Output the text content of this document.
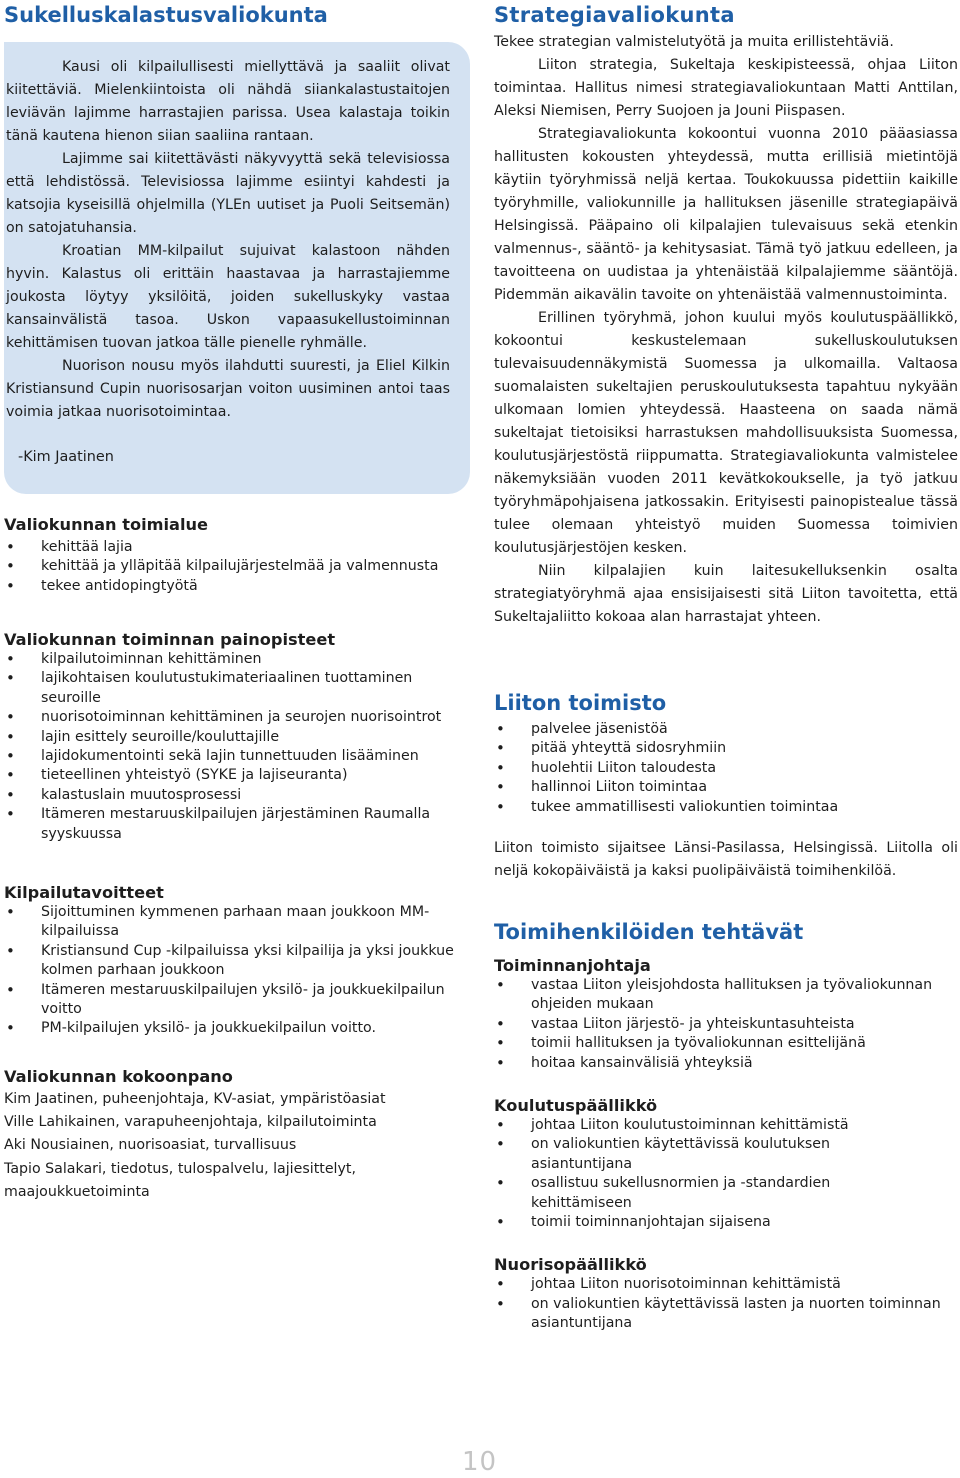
Sukelluskalastusvaliokunta

Kausi oli kilpailullisesti miellyttävä ja saaliit olivat kiitettäviä. Mielenkiintoista oli nähdä siiankalastustaitojen leviävän lajimme harrastajien parissa. Usea kalastaja toikin tänä kautena hienon siian saaliina rantaan.

Lajimme sai kiitettävästi näkyvyyttä sekä televisiossa että lehdistössä. Televisiossa lajimme esiintyi kahdesti ja katsojia kyseisillä ohjelmilla (YLEn uutiset ja Puoli Seitsemän) on satojatuhansia.

Kroatian MM-kilpailut sujuivat kalastoon nähden hyvin. Kalastus oli erittäin haastavaa ja harrastajiemme joukosta löytyy yksilöitä, joiden sukelluskyky vastaa kansainvälistä tasoa. Uskon vapaasukellustoiminnan kehittämisen tuovan jatkoa tälle pienelle ryhmälle.

Nuorison nousu myös ilahdutti suuresti, ja Eliel Kilkin Kristiansund Cupin nuorisosarjan voiton uusiminen antoi taas voimia jatkaa nuorisotoimintaa.

-Kim Jaatinen
Valiokunnan toimialue
• kehittää lajia
• kehittää ja ylläpitää kilpailujärjestelmää ja valmennusta
• tekee antidopingtyötä
Valiokunnan toiminnan painopisteet
• kilpailutoiminnan kehittäminen
• lajikohtaisen koulutustukimateriaalinen tuottaminen seuroille
• nuorisotoiminnan kehittäminen ja seurojen nuorisointrot
• lajin esittely seuroille/kouluttajille
• lajidokumentointi sekä lajin tunnettuuden lisääminen
• tieteellinen yhteistyö (SYKE ja lajiseuranta)
• kalastuslain muutosprosessi
• Itämeren mestaruuskilpailujen järjestäminen Raumalla syyskuussa
Kilpailutavoitteet
• Sijoittuminen kymmenen parhaan maan joukkoon MM-kilpailuissa
• Kristiansund Cup -kilpailuissa yksi kilpailija ja yksi joukkue kolmen parhaan joukkoon
• Itämeren mestaruuskilpailujen yksilö- ja joukkuekilpailun voitto
• PM-kilpailujen yksilö- ja joukkuekilpailun voitto.
Valiokunnan kokoonpano

Kim Jaatinen, puheenjohtaja, KV-asiat, ympäristöasiat

Ville Lahikainen, varapuheenjohtaja, kilpailutoiminta

Aki Nousiainen, nuorisoasiat, turvallisuus

Tapio Salakari, tiedotus, tulospalvelu, lajiesittelyt, maajoukkuetoiminta

Strategiavaliokunta

Tekee strategian valmistelutyötä ja muita erillistehtäviä.

Liiton strategia, Sukeltaja keskipisteessä, ohjaa Liiton toimintaa. Hallitus nimesi strategiavaliokuntaan Matti Anttilan, Aleksi Niemisen, Perry Suojoen ja Jouni Piispasen.

Strategiavaliokunta kokoontui vuonna 2010 pääasiassa hallitusten kokousten yhteydessä, mutta erillisiä mietintöjä käytiin työryhmissä neljä kertaa. Toukokuussa pidettiin kaikille työryhmille, valiokunnille ja hallituksen jäsenille strategiapäivä Helsingissä. Pääpaino oli kilpalajien tulevaisuus sekä etenkin valmennus-, sääntö- ja kehitysasiat. Tämä työ jatkuu edelleen, ja tavoitteena on uudistaa ja yhtenäistää kilpalajiemme sääntöjä. Pidemmän aikavälin tavoite on yhtenäistää valmennustoiminta.

Erillinen työryhmä, johon kuului myös koulutuspäällikkö, kokoontui keskustelemaan sukelluskoulutuksen tulevaisuudennäkymistä Suomessa ja ulkomailla. Valtaosa suomalaisten sukeltajien peruskoulutuksesta tapahtuu nykyään ulkomaan lomien yhteydessä. Haasteena on saada nämä sukeltajat tietoisiksi harrastuksen mahdollisuuksista Suomessa, koulutusjärjestöstä riippumatta. Strategiavaliokunta valmistelee näkemyksiään vuoden 2011 kevätkokoukselle, ja työ jatkuu työryhmäpohjaisena jatkossakin. Erityisesti painopistealue tässä tulee olemaan yhteistyö muiden Suomessa toimivien koulutusjärjestöjen kesken.

Niin kilpalajien kuin laitesukelluksenkin osalta strategiatyöryhmä ajaa ensisijaisesti sitä Liiton tavoitetta, että Sukeltajaliitto kokoaa alan harrastajat yhteen.

Liiton toimisto
• palvelee jäsenistöä
• pitää yhteyttä sidosryhmiin
• huolehtii Liiton taloudesta
• hallinnoi Liiton toimintaa
• tukee ammatillisesti valiokuntien toimintaa

Liiton toimisto sijaitsee Länsi-Pasilassa, Helsingissä. Liitolla oli neljä kokopäiväistä ja kaksi puolipäiväistä toimihenkilöä.

Toimihenkilöiden tehtävät
Toiminnanjohtaja
• vastaa Liiton yleisjohdosta hallituksen ja työvaliokunnan ohjeiden mukaan
• vastaa Liiton järjestö- ja yhteiskuntasuhteista
• toimii hallituksen ja työvaliokunnan esittelijänä
• hoitaa kansainvälisiä yhteyksiä
Koulutuspäällikkö
• johtaa Liiton koulutustoiminnan kehittämistä
• on valiokuntien käytettävissä koulutuksen asiantuntijana
• osallistuu sukellusnormien ja -standardien kehittämiseen
• toimii toiminnanjohtajan sijaisena
Nuorisopäällikkö
• johtaa Liiton nuorisotoiminnan kehittämistä
• on valiokuntien käytettävissä lasten ja nuorten toiminnan asiantuntijana
10
